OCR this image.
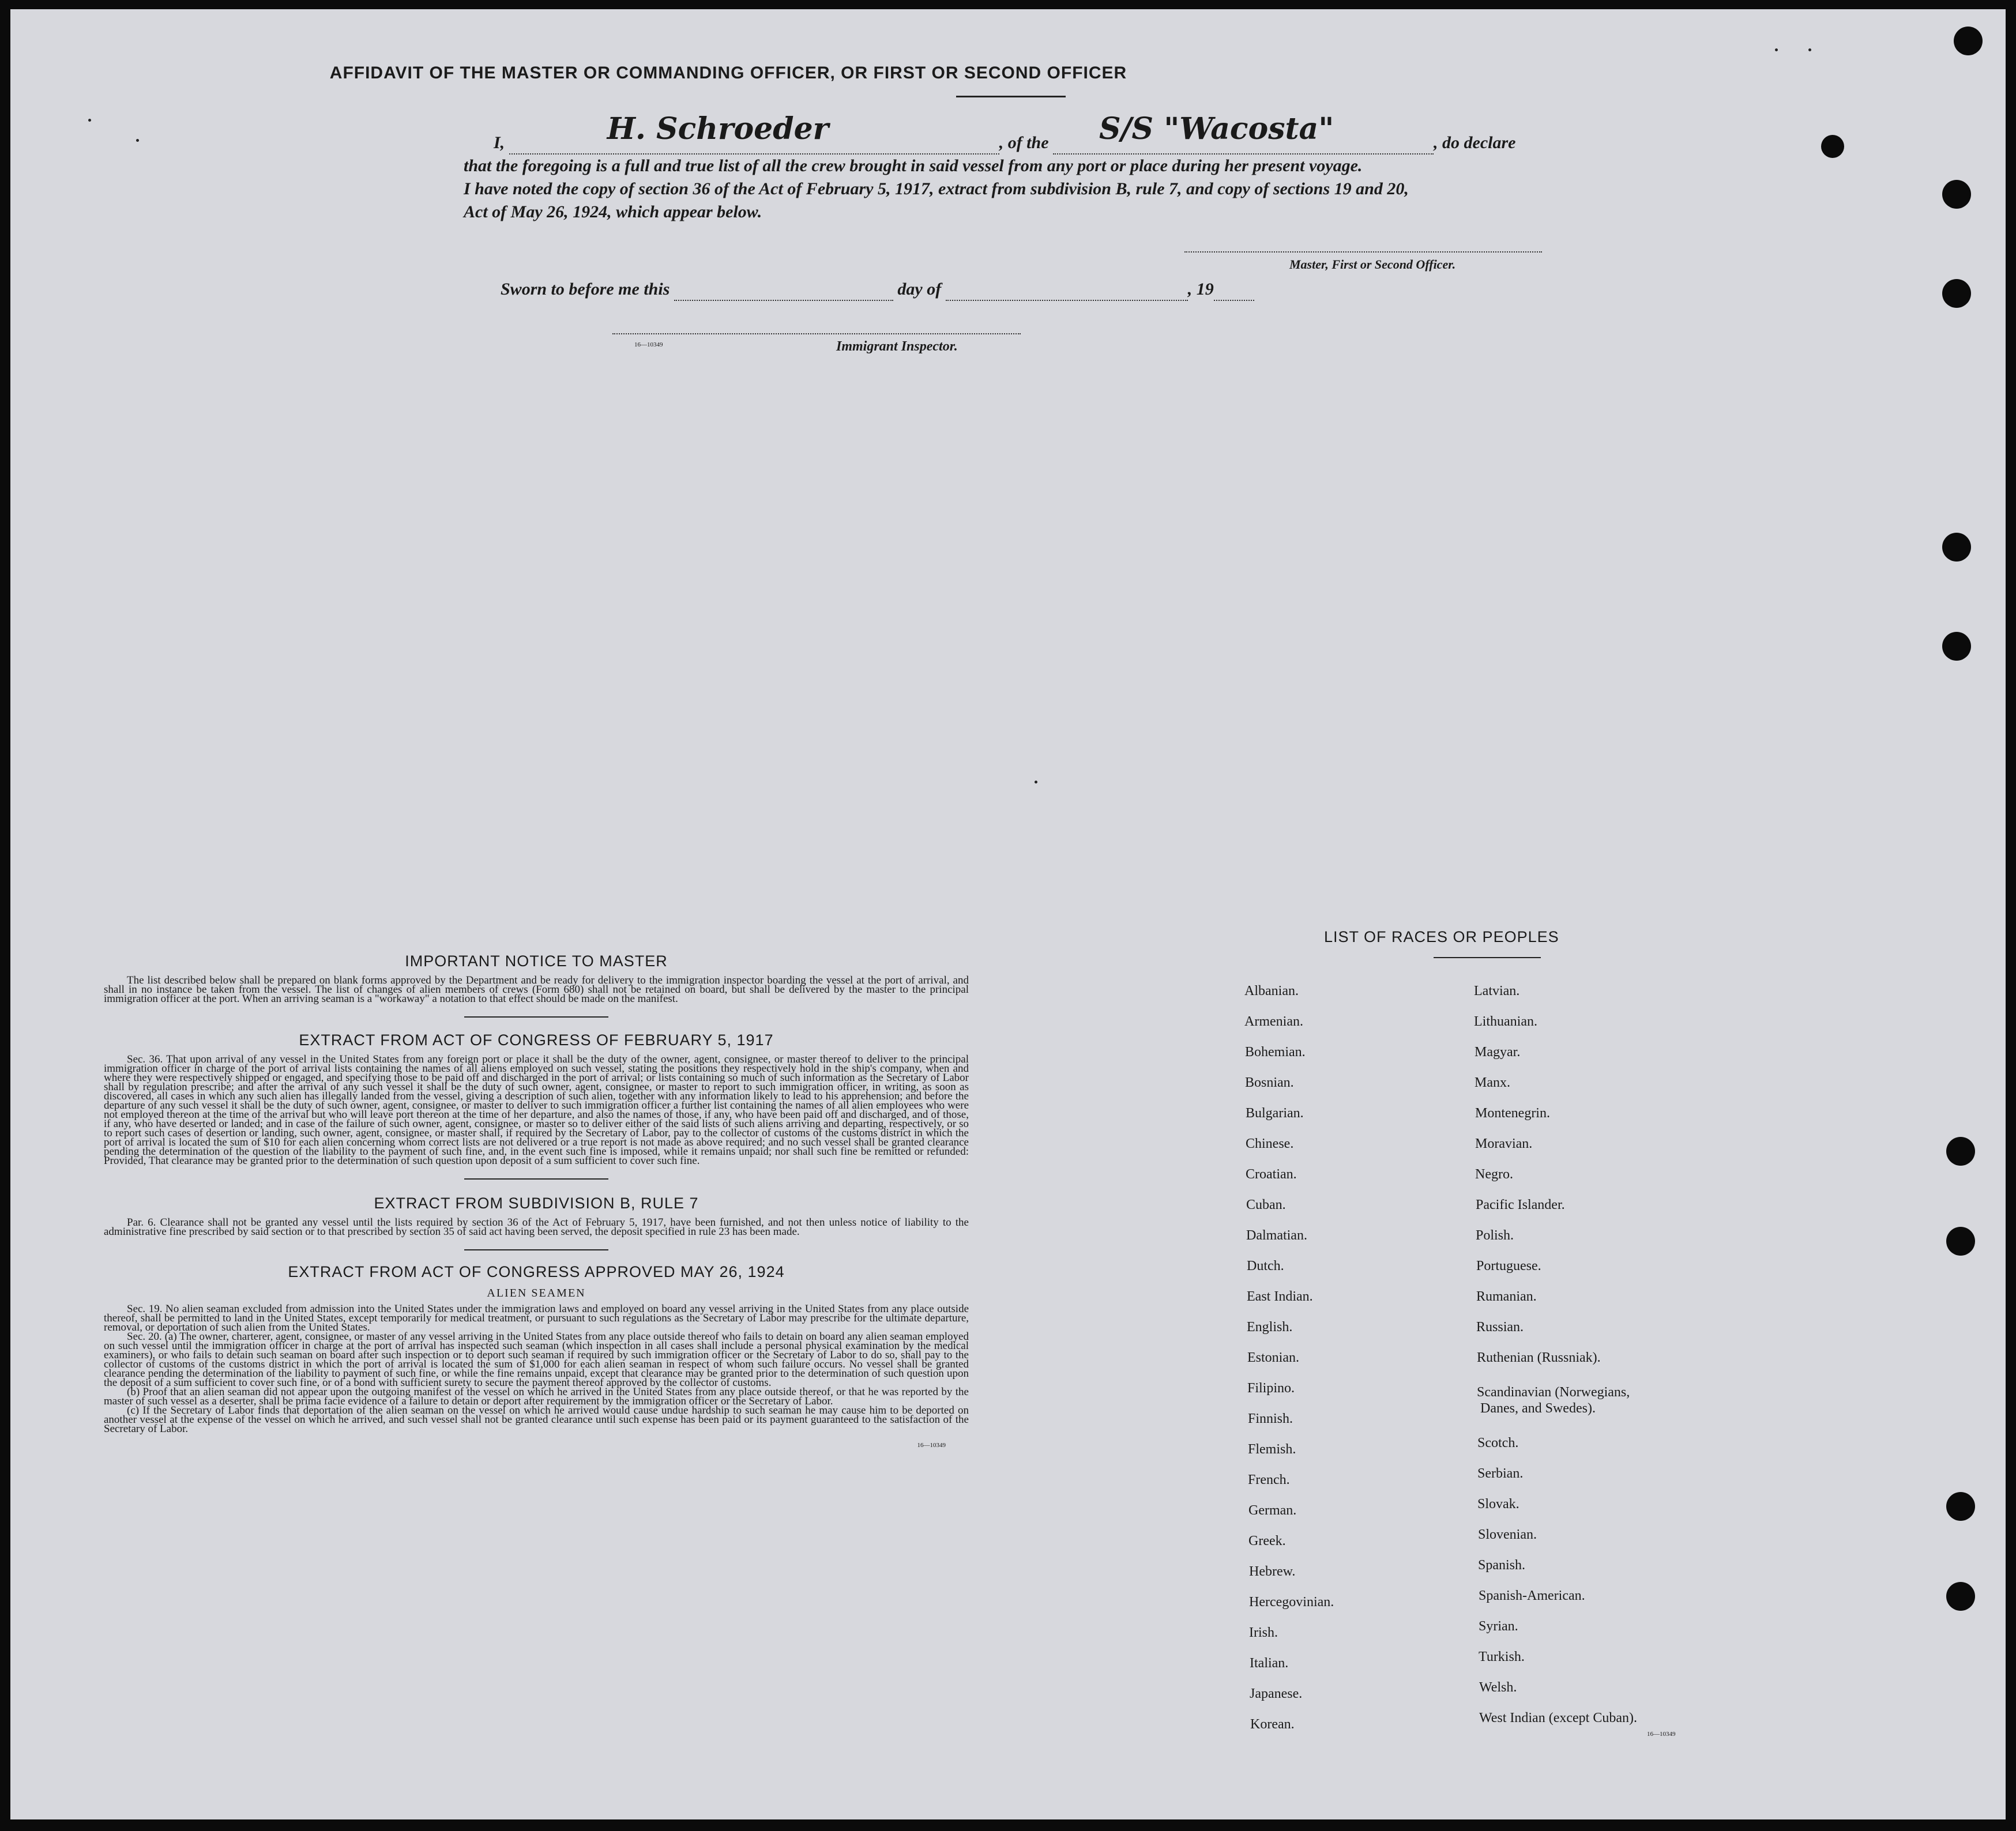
AFFIDAVIT OF THE MASTER OR COMMANDING OFFICER, OR FIRST OR SECOND OFFICER
I,	H. Schroeder	, of the S/S "Wacosta"	, do declare
that the foregoing is a full and true list of all the crew brought in said vessel from any port or place during her present voyage.
I have noted the copy of section 36 of the Act of February 5, 1917, extract from subdivision B, rule 7, and copy of sections 19 and 20,
Act of May 26, 1924, which appear below.
Master, First or Second Officer.
Sworn to before me this	day of	, 19
16—10349	Immigrant Inspector.
IMPORTANT NOTICE TO MASTER
The list described below shall be prepared on blank forms approved by the Department and be ready for delivery to the immigration inspector boarding the vessel at the port of arrival, and shall in no instance be taken from the vessel. The list of changes of alien members of crews (Form 680) shall not be retained on board, but shall be delivered by the master to the principal immigration officer at the port. When an arriving seaman is a "workaway" a notation to that effect should be made on the manifest.
EXTRACT FROM ACT OF CONGRESS OF FEBRUARY 5, 1917
Sec. 36. That upon arrival of any vessel in the United States from any foreign port or place it shall be the duty of the owner, agent, consignee, or master thereof to deliver to the principal immigration officer in charge of the port of arrival lists containing the names of all aliens employed on such vessel, stating the positions they respectively hold in the ship's company, when and where they were respectively shipped or engaged, and specifying those to be paid off and discharged in the port of arrival; or lists containing so much of such information as the Secretary of Labor shall by regulation prescribe; and after the arrival of any such vessel it shall be the duty of such owner, agent, consignee, or master to report to such immigration officer, in writing, as soon as discovered, all cases in which any such alien has illegally landed from the vessel, giving a description of such alien, together with any information likely to lead to his apprehension; and before the departure of any such vessel it shall be the duty of such owner, agent, consignee, or master to deliver to such immigration officer a further list containing the names of all alien employees who were not employed thereon at the time of the arrival but who will leave port thereon at the time of her departure, and also the names of those, if any, who have been paid off and discharged, and of those, if any, who have deserted or landed; and in case of the failure of such owner, agent, consignee, or master so to deliver either of the said lists of such aliens arriving and departing, respectively, or so to report such cases of desertion or landing, such owner, agent, consignee, or master shall, if required by the Secretary of Labor, pay to the collector of customs of the customs district in which the port of arrival is located the sum of $10 for each alien concerning whom correct lists are not delivered or a true report is not made as above required; and no such vessel shall be granted clearance pending the determination of the question of the liability to the payment of such fine, and, in the event such fine is imposed, while it remains unpaid; nor shall such fine be remitted or refunded: Provided, That clearance may be granted prior to the determination of such question upon deposit of a sum sufficient to cover such fine.
EXTRACT FROM SUBDIVISION B, RULE 7
Par. 6. Clearance shall not be granted any vessel until the lists required by section 36 of the Act of February 5, 1917, have been furnished, and not then unless notice of liability to the administrative fine prescribed by said section or to that prescribed by section 35 of said act having been served, the deposit specified in rule 23 has been made.
EXTRACT FROM ACT OF CONGRESS APPROVED MAY 26, 1924
ALIEN SEAMEN
Sec. 19. No alien seaman excluded from admission into the United States under the immigration laws and employed on board any vessel arriving in the United States from any place outside thereof, shall be permitted to land in the United States, except temporarily for medical treatment, or pursuant to such regulations as the Secretary of Labor may prescribe for the ultimate departure, removal, or deportation of such alien from the United States.
Sec. 20. (a) The owner, charterer, agent, consignee, or master of any vessel arriving in the United States from any place outside thereof who fails to detain on board any alien seaman employed on such vessel until the immigration officer in charge at the port of arrival has inspected such seaman (which inspection in all cases shall include a personal physical examination by the medical examiners), or who fails to detain such seaman on board after such inspection or to deport such seaman if required by such immigration officer or the Secretary of Labor to do so, shall pay to the collector of customs of the customs district in which the port of arrival is located the sum of $1,000 for each alien seaman in respect of whom such failure occurs. No vessel shall be granted clearance pending the determination of the liability to payment of such fine, or while the fine remains unpaid, except that clearance may be granted prior to the determination of such question upon the deposit of a sum sufficient to cover such fine, or of a bond with sufficient surety to secure the payment thereof approved by the collector of customs.
(b) Proof that an alien seaman did not appear upon the outgoing manifest of the vessel on which he arrived in the United States from any place outside thereof, or that he was reported by the master of such vessel as a deserter, shall be prima facie evidence of a failure to detain or deport after requirement by the immigration officer or the Secretary of Labor.
(c) If the Secretary of Labor finds that deportation of the alien seaman on the vessel on which he arrived would cause undue hardship to such seaman he may cause him to be deported on another vessel at the expense of the vessel on which he arrived, and such vessel shall not be granted clearance until such expense has been paid or its payment guaranteed to the satisfaction of the Secretary of Labor.
16—10349
LIST OF RACES OR PEOPLES
16—10349
Albanian.
Armenian.
Bohemian.
Bosnian.
Bulgarian.
Chinese.
Croatian.
Cuban.
Dalmatian.
Dutch.
East Indian.
English.
Estonian.
Filipino.
Finnish.
Flemish.
French.
German.
Greek.
Hebrew.
Hercegovinian.
Irish.
Italian.
Japanese.
Korean.
Latvian.
Lithuanian.
Magyar.
Manx.
Montenegrin.
Moravian.
Negro.
Pacific Islander.
Polish.
Portuguese.
Rumanian.
Russian.
Ruthenian (Russniak).
Scandinavian (Norwegians,
Danes, and Swedes).
Scotch.
Serbian.
Slovak.
Slovenian.
Spanish.
Spanish-American.
Syrian.
Turkish.
Welsh.
West Indian (except Cuban).
